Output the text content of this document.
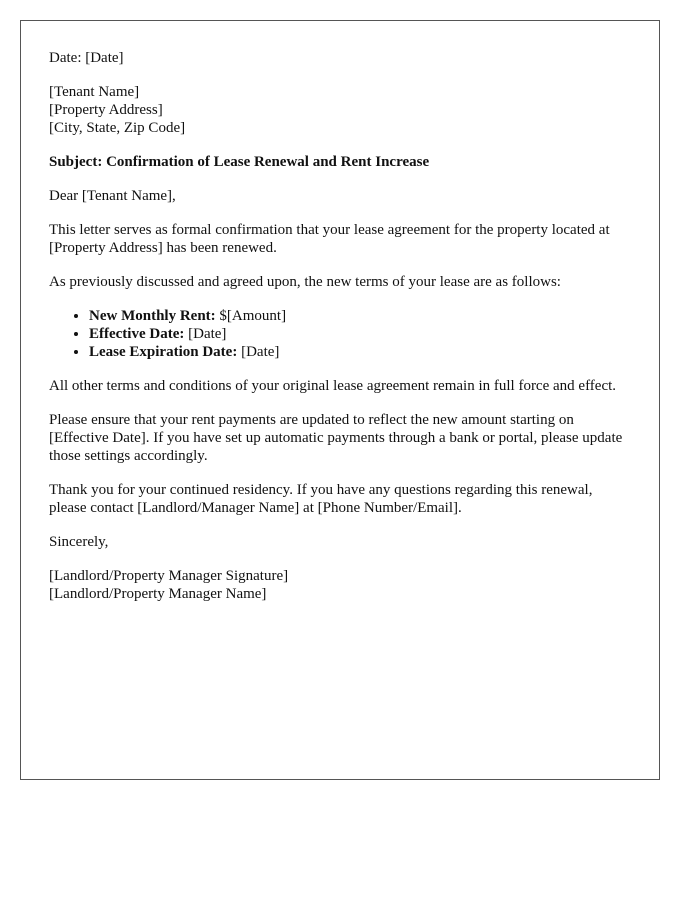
Date: [Date]

[Tenant Name]
[Property Address]
[City, State, Zip Code]

Subject: Confirmation of Lease Renewal and Rent Increase

Dear [Tenant Name],

This letter serves as formal confirmation that your lease agreement for the property located at [Property Address] has been renewed.

As previously discussed and agreed upon, the new terms of your lease are as follows:

• New Monthly Rent: $[Amount]
• Effective Date: [Date]
• Lease Expiration Date: [Date]

All other terms and conditions of your original lease agreement remain in full force and effect.

Please ensure that your rent payments are updated to reflect the new amount starting on [Effective Date]. If you have set up automatic payments through a bank or portal, please update those settings accordingly.

Thank you for your continued residency. If you have any questions regarding this renewal, please contact [Landlord/Manager Name] at [Phone Number/Email].

Sincerely,

[Landlord/Property Manager Signature]
[Landlord/Property Manager Name]
